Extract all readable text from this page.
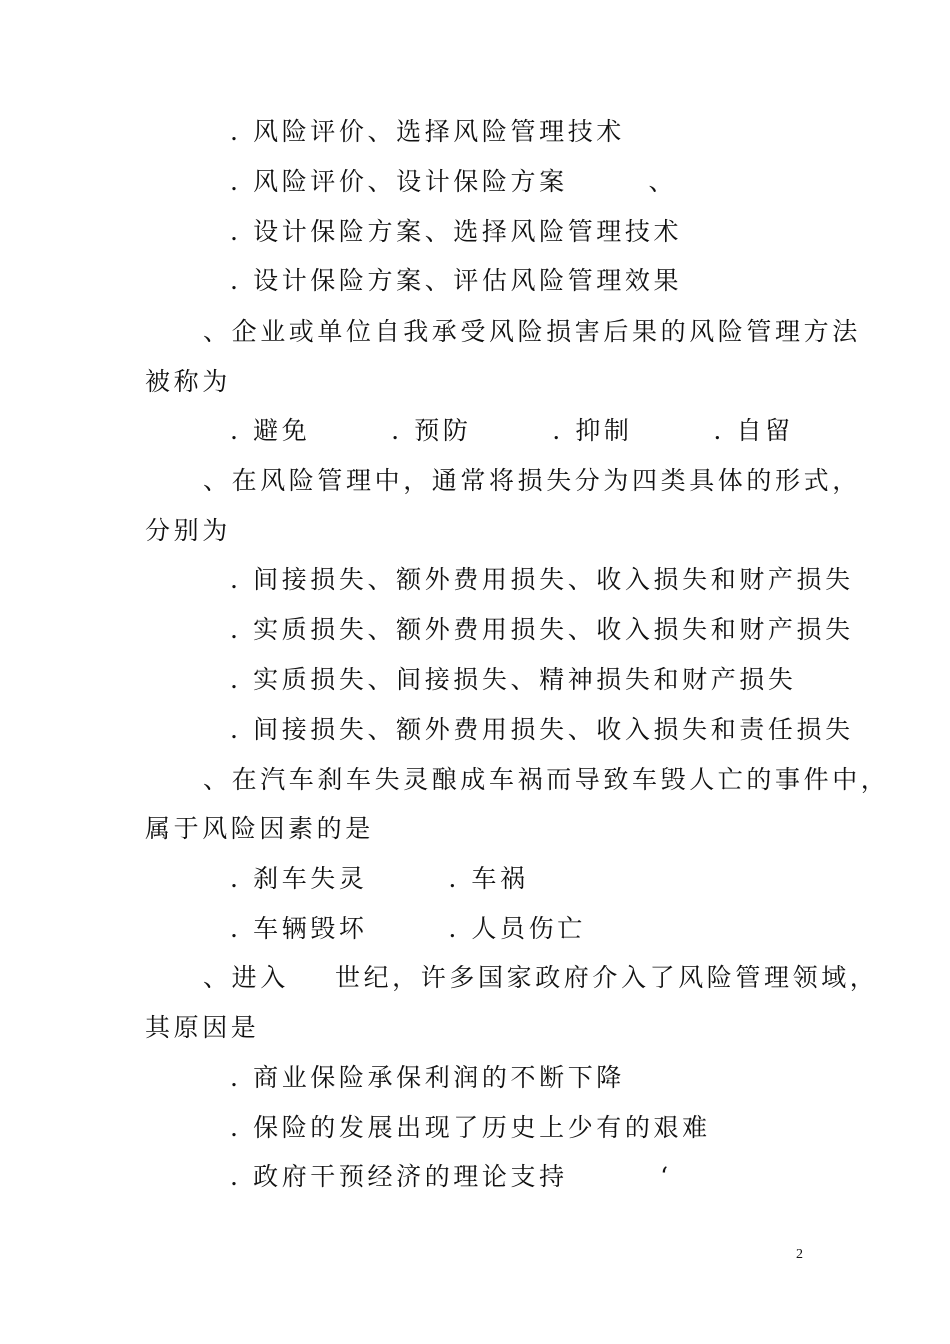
. 风险评价、选择风险管理技术
. 风险评价、设计保险方案       、
. 设计保险方案、选择风险管理技术
. 设计保险方案、评估风险管理效果
、企业或单位自我承受风险损害后果的风险管理方法
被称为
. 避免       . 预防       . 抑制       . 自留
、在风险管理中，通常将损失分为四类具体的形式，
分别为
. 间接损失、额外费用损失、收入损失和财产损失
. 实质损失、额外费用损失、收入损失和财产损失
. 实质损失、间接损失、精神损失和财产损失
. 间接损失、额外费用损失、收入损失和责任损失
、在汽车刹车失灵酿成车祸而导致车毁人亡的事件中，
属于风险因素的是
. 刹车失灵       . 车祸
. 车辆毁坏       . 人员伤亡
、进入    世纪，许多国家政府介入了风险管理领域，
其原因是
. 商业保险承保利润的不断下降
. 保险的发展出现了历史上少有的艰难
. 政府干预经济的理论支持        ‘
2
